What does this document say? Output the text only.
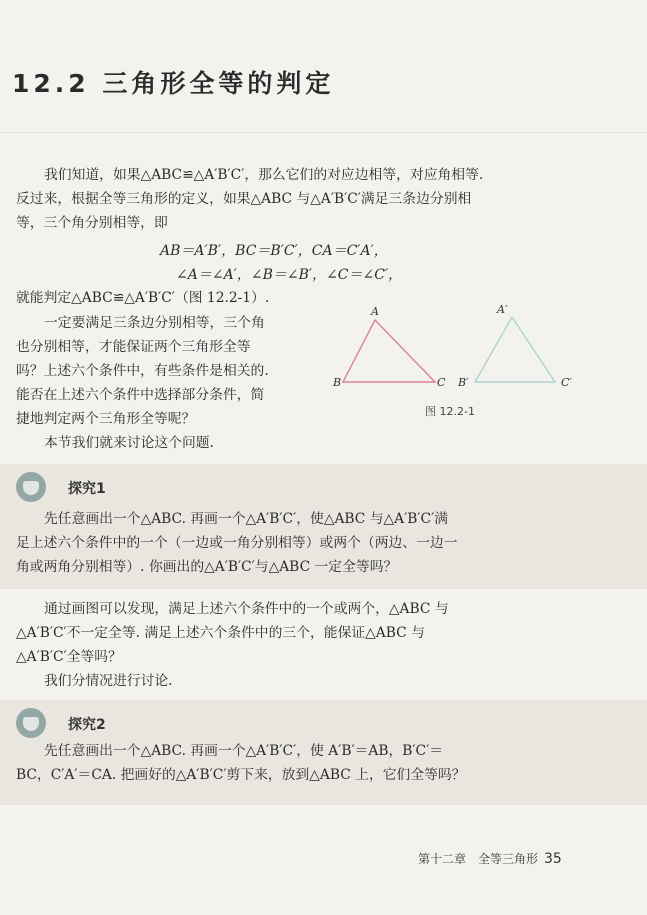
12.2 三角形全等的判定

我们知道，如果△ABC≌△A′B′C′，那么它们的对应边相等，对应角相等.

反过来，根据全等三角形的定义，如果△ABC 与△A′B′C′满足三条边分别相

等，三个角分别相等，即

AB＝A′B′，BC＝B′C′，CA＝C′A′，

∠A＝∠A′，∠B＝∠B′，∠C＝∠C′，

就能判定△ABC≌△A′B′C′（图 12.2-1）.

一定要满足三条边分别相等，三个角

也分别相等，才能保证两个三角形全等

吗？上述六个条件中，有些条件是相关的.

能否在上述六个条件中选择部分条件，简

捷地判定两个三角形全等呢？

本节我们就来讨论这个问题.

A
B	C
A′
B′	C′
图 12.2-1
探究1

先任意画出一个△ABC. 再画一个△A′B′C′，使△ABC 与△A′B′C′满

足上述六个条件中的一个（一边或一角分别相等）或两个（两边、一边一

角或两角分别相等）. 你画出的△A′B′C′与△ABC 一定全等吗？

通过画图可以发现，满足上述六个条件中的一个或两个，△ABC 与

△A′B′C′不一定全等. 满足上述六个条件中的三个，能保证△ABC 与

△A′B′C′全等吗？

我们分情况进行讨论.

探究2

先任意画出一个△ABC. 再画一个△A′B′C′，使 A′B′＝AB，B′C′＝

BC，C′A′＝CA. 把画好的△A′B′C′剪下来，放到△ABC 上，它们全等吗？

第十二章　全等三角形 35
